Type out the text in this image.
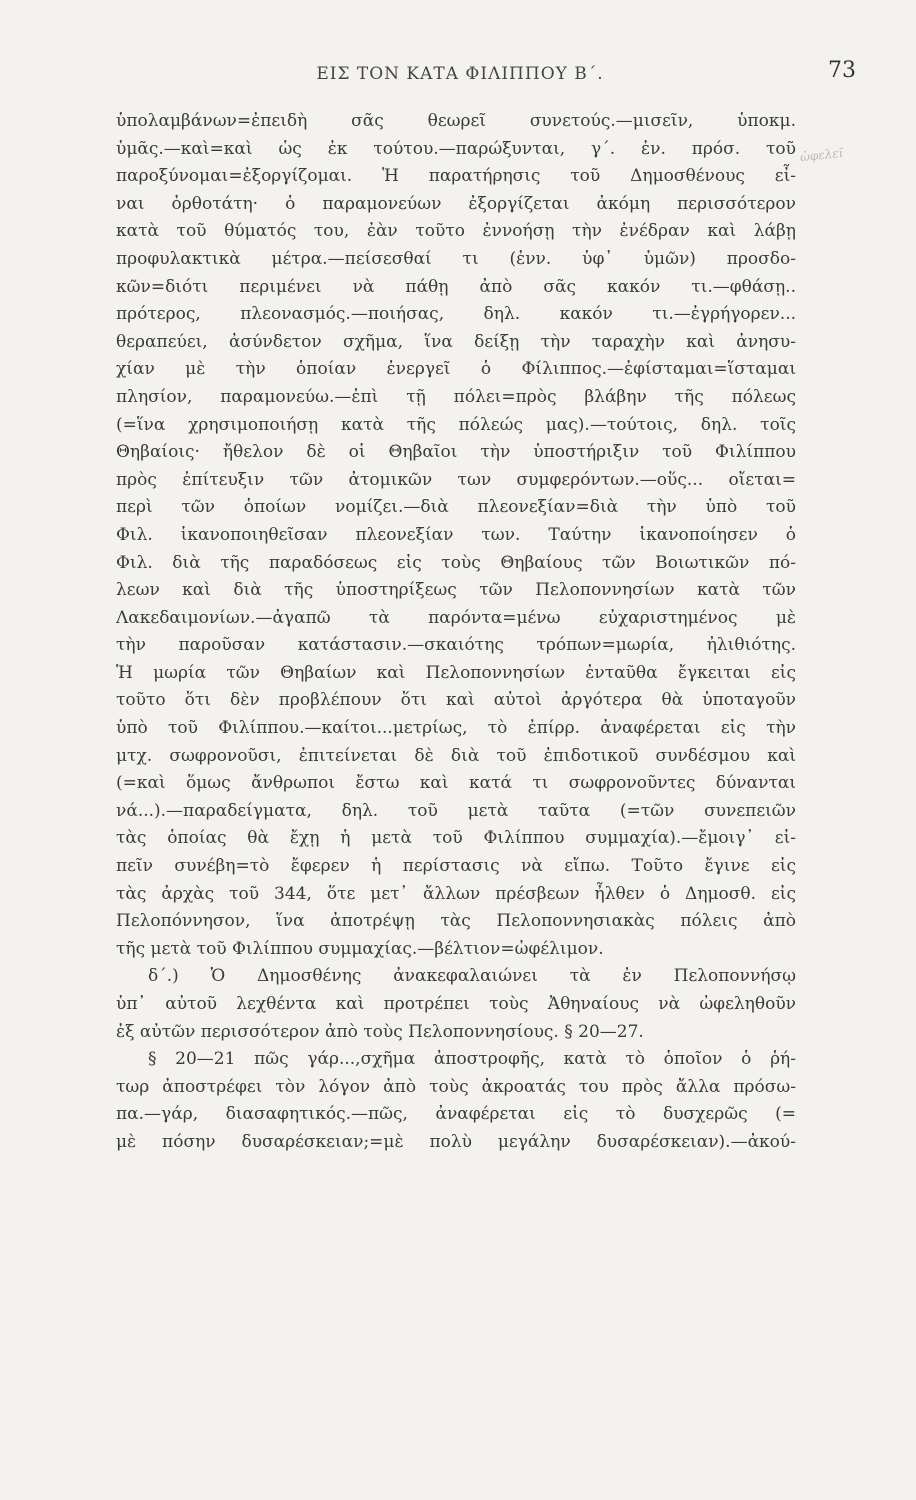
ΕΙΣ ΤΟΝ ΚΑΤΑ ΦΙΛΙΠΠΟΥ Β΄.	73
ὠφελεῖ
ὑπολαμβάνων=ἐπειδὴ σᾶς θεωρεῖ συνετούς.—μισεῖν, ὑποκμ.
ὑμᾶς.—καὶ=καὶ ὡς ἐκ τούτου.—παρώξυνται, γ΄. ἐν. πρόσ. τοῦ
παροξύνομαι=ἐξοργίζομαι. Ἡ παρατήρησις τοῦ Δημοσθένους εἶ-
ναι ὀρθοτάτη· ὁ παραμονεύων ἐξοργίζεται ἀκόμη περισσότερον
κατὰ τοῦ θύματός του, ἐὰν τοῦτο ἐννοήσῃ τὴν ἐνέδραν καὶ λάβῃ
προφυλακτικὰ μέτρα.—πείσεσθαί τι (ἐνν. ὑφ᾽ ὑμῶν) προσδο-
κῶν=διότι περιμένει νὰ πάθῃ ἀπὸ σᾶς κακόν τι.—φθάσῃ..
πρότερος, πλεονασμός.—ποιήσας, δηλ. κακόν τι.—ἐγρήγορεν...
θεραπεύει, ἀσύνδετον σχῆμα, ἵνα δείξῃ τὴν ταραχὴν καὶ ἀνησυ-
χίαν μὲ τὴν ὁποίαν ἐνεργεῖ ὁ Φίλιππος.—ἐφίσταμαι=ἵσταμαι
πλησίον, παραμονεύω.—ἐπὶ τῇ πόλει=πρὸς βλάβην τῆς πόλεως
(=ἵνα χρησιμοποιήσῃ κατὰ τῆς πόλεώς μας).—τούτοις, δηλ. τοῖς
Θηβαίοις· ἤθελον δὲ οἱ Θηβαῖοι τὴν ὑποστήριξιν τοῦ Φιλίππου
πρὸς ἐπίτευξιν τῶν ἀτομικῶν των συμφερόντων.—οὕς... οἴεται=
περὶ τῶν ὁποίων νομίζει.—διὰ πλεονεξίαν=διὰ τὴν ὑπὸ τοῦ
Φιλ. ἱκανοποιηθεῖσαν πλεονεξίαν των. Ταύτην ἱκανοποίησεν ὁ
Φιλ. διὰ τῆς παραδόσεως εἰς τοὺς Θηβαίους τῶν Βοιωτικῶν πό-
λεων καὶ διὰ τῆς ὑποστηρίξεως τῶν Πελοποννησίων κατὰ τῶν
Λακεδαιμονίων.—ἀγαπῶ τὰ παρόντα=μένω εὐχαριστημένος μὲ
τὴν παροῦσαν κατάστασιν.—σκαιότης τρόπων=μωρία, ἠλιθιότης.
Ἡ μωρία τῶν Θηβαίων καὶ Πελοποννησίων ἐνταῦθα ἔγκειται εἰς
τοῦτο ὅτι δὲν προβλέπουν ὅτι καὶ αὐτοὶ ἀργότερα θὰ ὑποταγοῦν
ὑπὸ τοῦ Φιλίππου.—καίτοι...μετρίως, τὸ ἐπίρρ. ἀναφέρεται εἰς τὴν
μτχ. σωφρονοῦσι, ἐπιτείνεται δὲ διὰ τοῦ ἐπιδοτικοῦ συνδέσμου καὶ
(=καὶ ὅμως ἄνθρωποι ἔστω καὶ κατά τι σωφρονοῦντες δύνανται
νά...).—παραδείγματα, δηλ. τοῦ μετὰ ταῦτα (=τῶν συνεπειῶν
τὰς ὁποίας θὰ ἔχῃ ἡ μετὰ τοῦ Φιλίππου συμμαχία).—ἔμοιγ᾽ εἰ-
πεῖν συνέβη=τὸ ἔφερεν ἡ περίστασις νὰ εἴπω. Τοῦτο ἔγινε εἰς
τὰς ἀρχὰς τοῦ 344, ὅτε μετ᾽ ἄλλων πρέσβεων ἦλθεν ὁ Δημοσθ. εἰς
Πελοπόννησον, ἵνα ἀποτρέψῃ τὰς Πελοποννησιακὰς πόλεις ἀπὸ
τῆς μετὰ τοῦ Φιλίππου συμμαχίας.—βέλτιον=ὠφέλιμον.
δ΄.) Ὁ Δημοσθένης ἀνακεφαλαιώνει τὰ ἐν Πελοποννήσῳ
ὑπ᾽ αὐτοῦ λεχθέντα καὶ προτρέπει τοὺς Ἀθηναίους νὰ ὠφεληθοῦν
ἐξ αὐτῶν περισσότερον ἀπὸ τοὺς Πελοποννησίους. § 20—27.
§ 20—21 πῶς γάρ...,σχῆμα ἀποστροφῆς, κατὰ τὸ ὁποῖον ὁ ῥή-
τωρ ἀποστρέφει τὸν λόγον ἀπὸ τοὺς ἀκροατάς του πρὸς ἄλλα πρόσω-
πα.—γάρ, διασαφητικός.—πῶς, ἀναφέρεται εἰς τὸ δυσχερῶς (=
μὲ πόσην δυσαρέσκειαν;=μὲ πολὺ μεγάλην δυσαρέσκειαν).—ἀκού-
